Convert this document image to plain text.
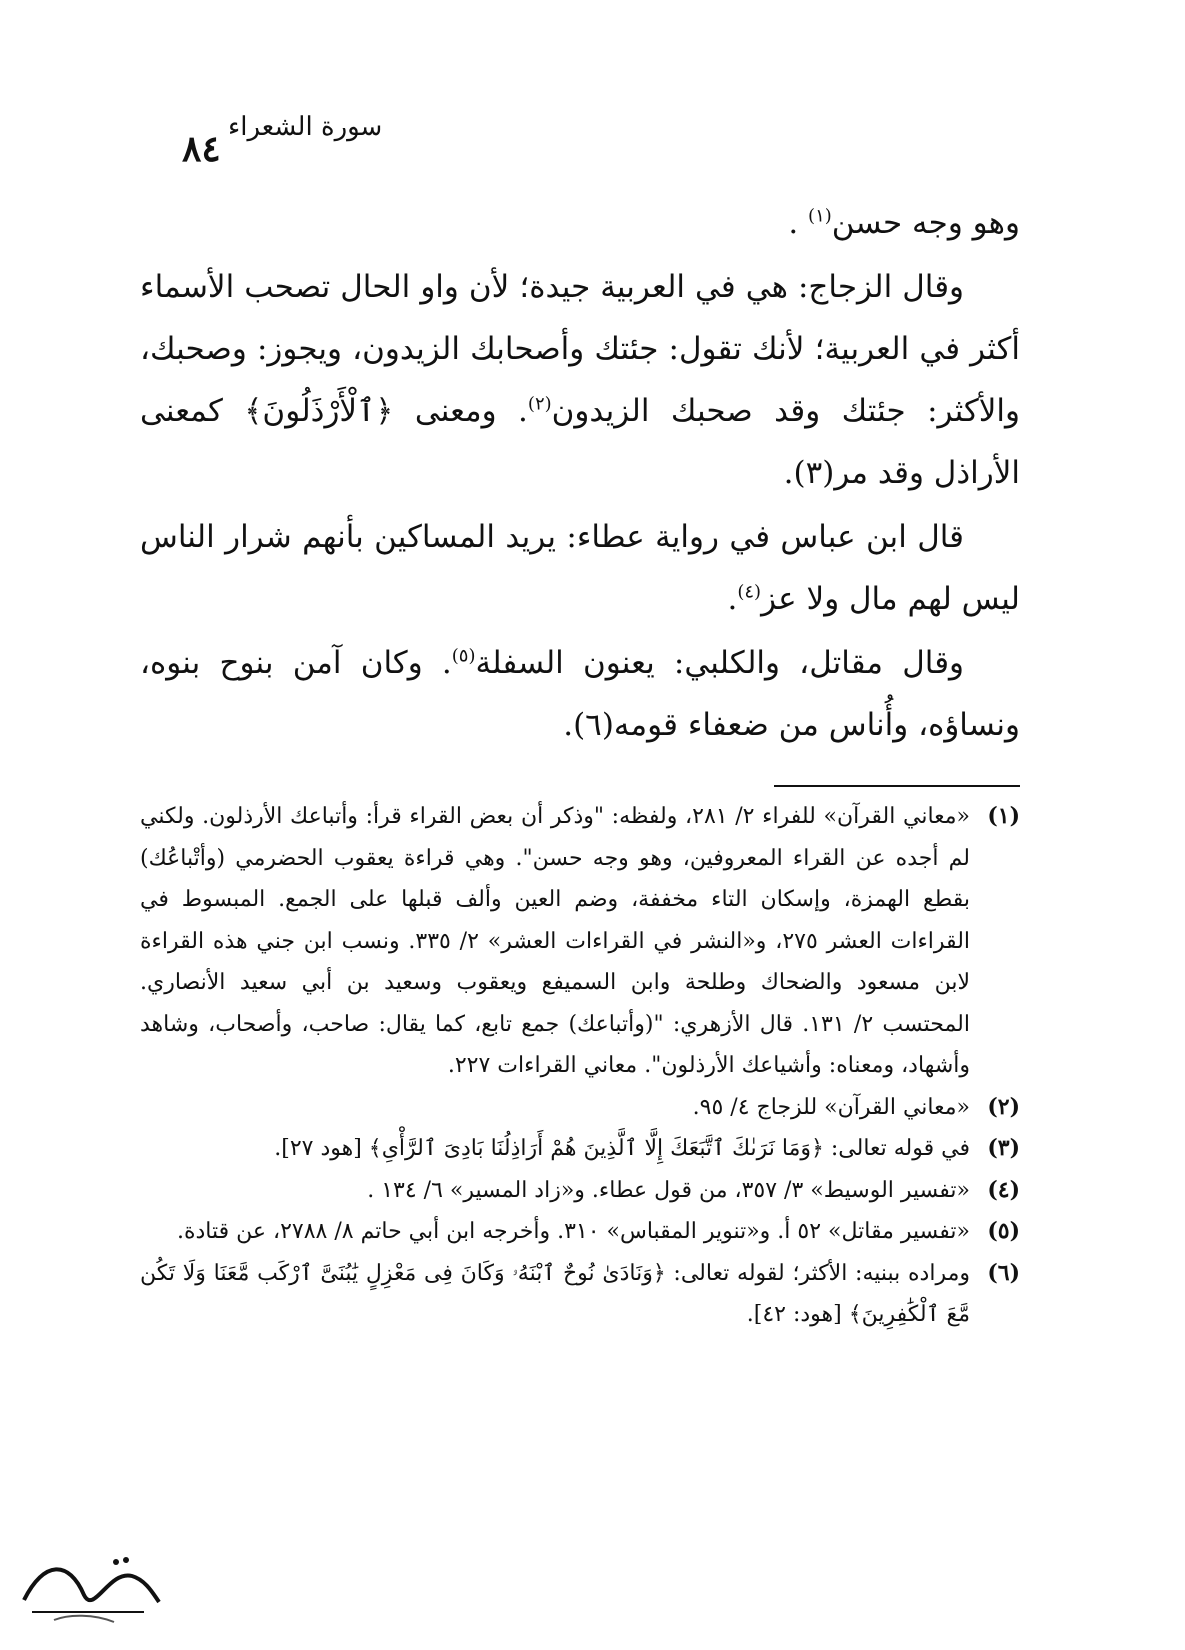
٨٤
سورة الشعراء

وهو وجه حسن$^{(١)}$ .

وقال الزجاج: هي في العربية جيدة؛ لأن واو الحال تصحب الأسماء أكثر في العربية؛ لأنك تقول: جئتك وأصحابك الزيدون، ويجوز: وصحبك، والأكثر: جئتك وقد صحبك الزيدون$^{(٢)}$. ومعنى ﴿ٱلْأَرْذَلُونَ﴾ كمعنى الأراذل وقد مر(٣).

قال ابن عباس في رواية عطاء: يريد المساكين بأنهم شرار الناس ليس لهم مال ولا عز$^{(٤)}$.

وقال مقاتل، والكلبي: يعنون السفلة$^{(٥)}$. وكان آمن بنوح بنوه، ونساؤه، وأُناس من ضعفاء قومه(٦).

(١)
«معاني القرآن» للفراء ٢/ ٢٨١، ولفظه: "وذكر أن بعض القراء قرأ: وأتباعك الأرذلون. ولكني لم أجده عن القراء المعروفين، وهو وجه حسن". وهي قراءة يعقوب الحضرمي (وأتْباعُك) بقطع الهمزة، وإسكان التاء مخففة، وضم العين وألف قبلها على الجمع. المبسوط في القراءات العشر ٢٧٥، و«النشر في القراءات العشر» ٢/ ٣٣٥. ونسب ابن جني هذه القراءة لابن مسعود والضحاك وطلحة وابن السميفع ويعقوب وسعيد بن أبي سعيد الأنصاري. المحتسب ٢/ ١٣١. قال الأزهري: "(وأتباعك) جمع تابع، كما يقال: صاحب، وأصحاب، وشاهد وأشهاد، ومعناه: وأشياعك الأرذلون". معاني القراءات ٢٢٧.

(٢)
«معاني القرآن» للزجاج ٤/ ٩٥.

(٣)
في قوله تعالى: ﴿وَمَا نَرَىٰكَ ٱتَّبَعَكَ إِلَّا ٱلَّذِينَ هُمْ أَرَاذِلُنَا بَادِىَ ٱلرَّأْىِ﴾ [هود ٢٧].

(٤)
«تفسير الوسيط» ٣/ ٣٥٧، من قول عطاء. و«زاد المسير» ٦/ ١٣٤ .

(٥)
«تفسير مقاتل» ٥٢ أ. و«تنوير المقباس» ٣١٠. وأخرجه ابن أبي حاتم ٨/ ٢٧٨٨، عن قتادة.

(٦)
ومراده ببنيه: الأكثر؛ لقوله تعالى: ﴿وَنَادَىٰ نُوحٌ ٱبْنَهُۥ وَكَانَ فِى مَعْزِلٍ يَٰبُنَىَّ ٱرْكَب مَّعَنَا وَلَا تَكُن مَّعَ ٱلْكَٰفِرِينَ﴾ [هود: ٤٢].
